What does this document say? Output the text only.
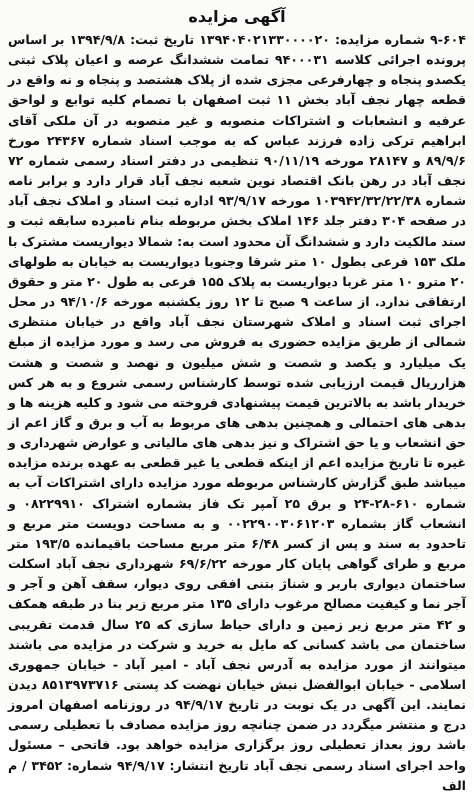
آگهی مزایده

۹-۶۰۴ شماره مزایده: ۱۳۹۴۰۴۰۲۱۳۳۰۰۰۰۲۰ تاریخ ثبت: ۱۳۹۴/۹/۸ بر اساس پرونده اجرائی کلاسه ۹۴۰۰۰۳۱ تمامت ششدانگ عرصه و اعیان پلاک ثبتی یکصدو پنجاه و چهارفرعی مجزی شده از پلاک هشتصد و پنجاه و نه واقع در قطعه چهار نجف آباد بخش ۱۱ ثبت اصفهان با تصمام کلیه توابع و لواحق عرفیه و انشعابات و اشتراکات منصوبه و غیر منصوبه در آن ملکی آقای ابراهیم ترکی زاده فرزند عباس که به موجب اسناد شماره ۲۴۳۶۷ مورخ ۸۹/۹/۶ و ۲۸۱۴۷ مورخه ۹۰/۱۱/۱۹ تنظیمی در دفتر اسناد رسمی شماره ۷۲ نجف آباد در رهن بانک اقتصاد نوین شعبه نجف آباد قرار دارد و برابر نامه شماره ۱۰۳۹۴۲/۳۲/۲۲/۳۸ مورخه ۹۳/۹/۱۷ اداره ثبت اسناد و املاک نجف آباد در صفحه ۳۰۴ دفتر جلد ۱۴۶ املاک بخش مربوطه بنام نامبرده سابقه ثبت و سند مالکیت دارد و ششدانگ آن محدود است به: شمالا دیواریست مشترک با ملک ۱۵۳ فرعی بطول ۱۰ متر شرقا وجنوبا دیواریست به خیابان به طولهای ۲۰ مترو ۱۰ متر غربا دیواریست به پلاک ۱۵۵ فرعی به طول ۲۰ متر و حقوق ارتفاقی ندارد. از ساعت ۹ صبح تا ۱۲ روز یکشنبه مورخه ۹۴/۱۰/۶ در محل اجرای ثبت اسناد و املاک شهرستان نجف آباد واقع در خیابان منتظری شمالی از طریق مزایده حضوری به فروش می رسد و مورد مزایده از مبلغ یک میلیارد و یکصد و شصت و شش میلیون و نهصد و شصت و هشت هزارریال قیمت ارزیابی شده توسط کارشناس رسمی شروع و به هر کس خریدار باشد به بالاترین قیمت پیشنهادی فروخته می شود و کلیه هزینه ها و بدهی های احتمالی و همچنین بدهی های مربوط به آب و برق و گاز اعم از حق انشعاب و یا حق اشتراک و نیز بدهی های مالیاتی و عوارض شهرداری و غیره تا تاریخ مزایده اعم از اینکه قطعی یا غیر قطعی به عهده برنده مزایده میباشد طبق گزارش کارشناس مربوطه مورد مزایده دارای اشتراکات آب به شماره ۶۱۰-۲۸-۲۴ و برق ۲۵ آمپر تک فاز بشماره اشتراک ۰۸۲۲۹۹۱۰ و انشعاب گاز بشماره ۰۰۲۲۹۰۰۳۰۶۱۲۰۳ و به مساحت دویست متر مربع و تاحدود به سند و پس از کسر ۶/۴۸ متر مربع مساحت باقیمانده ۱۹۳/۵ متر مربع و طرای گواهی پایان کار مورخه ۶۹/۶/۲۲ شهرداری نجف آباد اسکلت ساختمان دیواری باربر و شناژ بتنی افقی روی دیوار، سقف آهن و آجر و آجر نما و کیفیت مصالح مرغوب دارای ۱۳۵ متر مربع زیر بنا در طبقه همکف و ۴۲ متر مربع زیر زمین و دارای حیاط سازی که ۲۵ سال قدمت تقریبی ساختمان می باشد کسانی که مایل به خرید و شرکت در مزایده می باشند میتوانند از مورد مزایده به آدرس نجف آباد - امیر آباد - خیابان جمهوری اسلامی - خیابان ابوالفضل نبش خیابان نهضت کد پستی ۸۵۱۳۹۷۳۷۱۶ دیدن نمایند. این آگهی در یک نوبت در تاریخ ۹۴/۹/۱۷ در روزنامه اصفهان امروز درج و منتشر میگردد در ضمن چنانچه روز مزایده مصادف با تعطیلی رسمی باشد روز بعداز تعطیلی روز برگزاری مزایده خواهد بود. فاتحی – مسئول واحد اجرای اسناد رسمی نجف آباد تاریخ انتشار: ۹۴/۹/۱۷ شماره: ۳۴۵۲ / م الف
